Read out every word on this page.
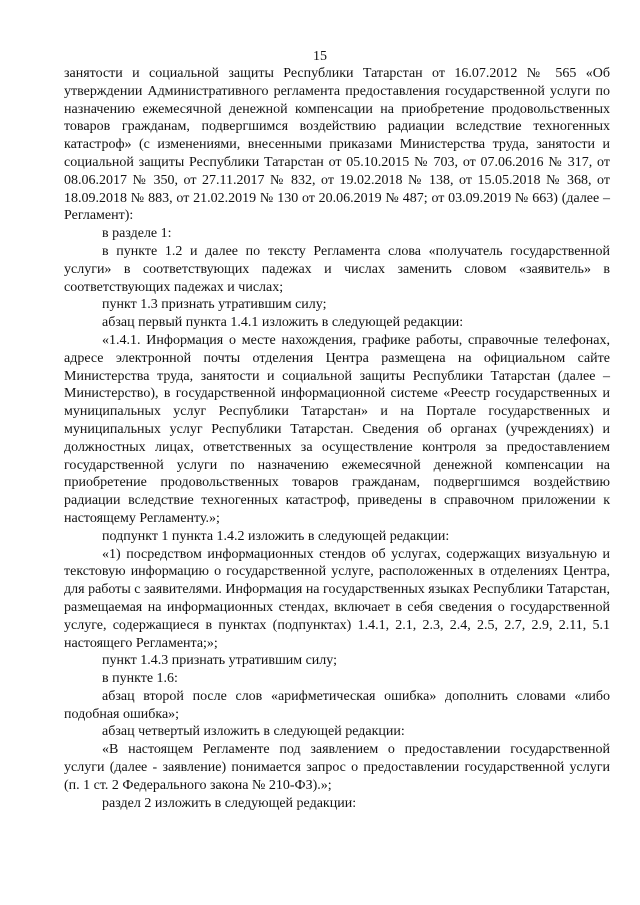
15

занятости и социальной защиты Республики Татарстан от 16.07.2012 № 565 «Об утверждении Административного регламента предоставления государственной услуги по назначению ежемесячной денежной компенсации на приобретение продовольственных товаров гражданам, подвергшимся воздействию радиации вследствие техногенных катастроф» (с изменениями, внесенными приказами Министерства труда, занятости и социальной защиты Республики Татарстан от 05.10.2015 № 703, от 07.06.2016 № 317, от 08.06.2017 № 350, от 27.11.2017 № 832, от 19.02.2018 № 138, от 15.05.2018 № 368, от 18.09.2018 № 883, от 21.02.2019 № 130 от 20.06.2019 № 487; от 03.09.2019 № 663) (далее – Регламент):

в разделе 1:

в пункте 1.2 и далее по тексту Регламента слова «получатель государственной услуги» в соответствующих падежах и числах заменить словом «заявитель» в соответствующих падежах и числах;

пункт 1.3 признать утратившим силу;

абзац первый пункта 1.4.1 изложить в следующей редакции:

«1.4.1. Информация о месте нахождения, графике работы, справочные телефонах, адресе электронной почты отделения Центра размещена на официальном сайте Министерства труда, занятости и социальной защиты Республики Татарстан (далее – Министерство), в государственной информационной системе «Реестр государственных и муниципальных услуг Республики Татарстан» и на Портале государственных и муниципальных услуг Республики Татарстан. Сведения об органах (учреждениях) и должностных лицах, ответственных за осуществление контроля за предоставлением государственной услуги по назначению ежемесячной денежной компенсации на приобретение продовольственных товаров гражданам, подвергшимся воздействию радиации вследствие техногенных катастроф, приведены в справочном приложении к настоящему Регламенту.»;

подпункт 1 пункта 1.4.2 изложить в следующей редакции:

«1) посредством информационных стендов об услугах, содержащих визуальную и текстовую информацию о государственной услуге, расположенных в отделениях Центра, для работы с заявителями. Информация на государственных языках Республики Татарстан, размещаемая на информационных стендах, включает в себя сведения о государственной услуге, содержащиеся в пунктах (подпунктах) 1.4.1, 2.1, 2.3, 2.4, 2.5, 2.7, 2.9, 2.11, 5.1 настоящего Регламента;»;

пункт 1.4.3 признать утратившим силу;

в пункте 1.6:

абзац второй после слов «арифметическая ошибка» дополнить словами «либо подобная ошибка»;

абзац четвертый изложить в следующей редакции:

«В настоящем Регламенте под заявлением о предоставлении государственной услуги (далее - заявление) понимается запрос о предоставлении государственной услуги (п. 1 ст. 2 Федерального закона № 210-ФЗ).»;

раздел 2 изложить в следующей редакции:
